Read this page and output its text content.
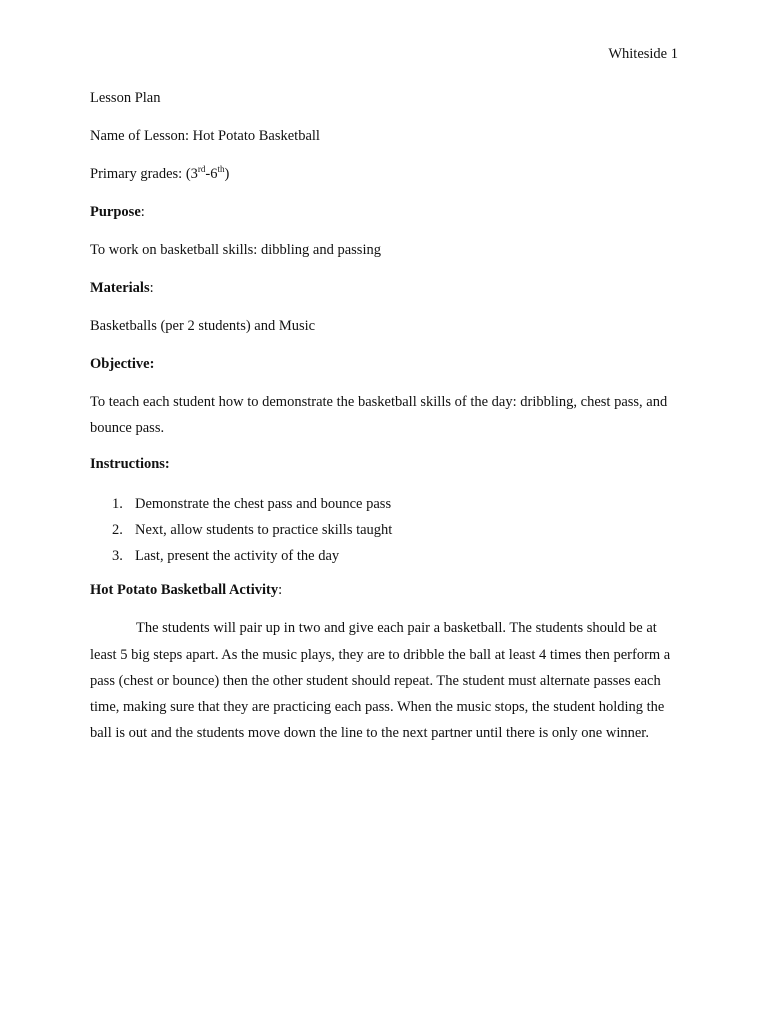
Whiteside 1

Lesson Plan

Name of Lesson: Hot Potato Basketball

Primary grades: (3rd-6th)

Purpose:

To work on basketball skills: dibbling and passing

Materials:

Basketballs (per 2 students) and Music

Objective:

To teach each student how to demonstrate the basketball skills of the day: dribbling, chest pass, and bounce pass.

Instructions:

1. Demonstrate the chest pass and bounce pass
2. Next, allow students to practice skills taught
3. Last, present the activity of the day

Hot Potato Basketball Activity:

The students will pair up in two and give each pair a basketball. The students should be at least 5 big steps apart. As the music plays, they are to dribble the ball at least 4 times then perform a pass (chest or bounce) then the other student should repeat. The student must alternate passes each time, making sure that they are practicing each pass. When the music stops, the student holding the ball is out and the students move down the line to the next partner until there is only one winner.
